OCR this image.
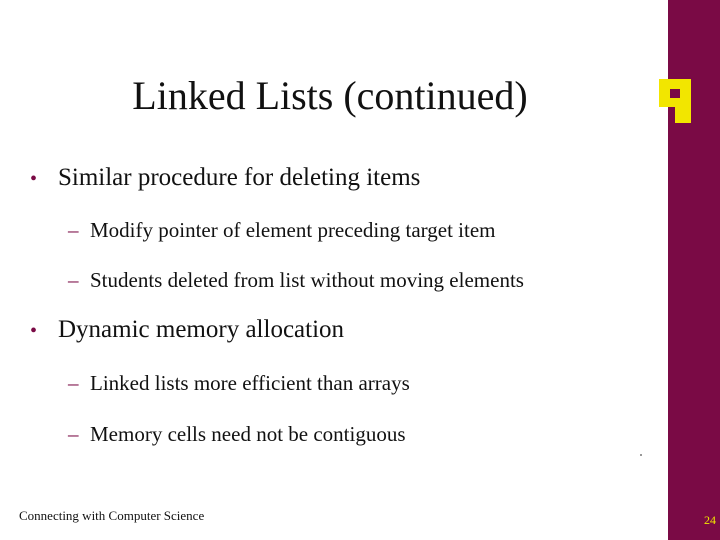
Linked Lists (continued)
• Similar procedure for deleting items
– Modify pointer of element preceding target item
– Students deleted from list without moving elements
• Dynamic memory allocation
– Linked lists more efficient than arrays
– Memory cells need not be contiguous
Connecting with Computer Science	24
